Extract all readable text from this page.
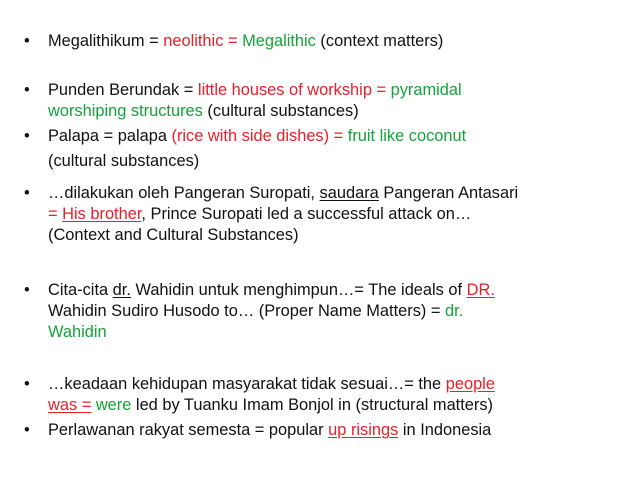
• Megalithikum = neolithic = Megalithic (context matters)
• Punden Berundak = little houses of workship = pyramidal
worshiping structures (cultural substances)
• Palapa = palapa (rice with side dishes) = fruit like coconut
(cultural substances)
• …dilakukan oleh Pangeran Suropati, saudara Pangeran Antasari
= His brother, Prince Suropati led a successful attack on…
(Context and Cultural Substances)
• Cita-cita dr. Wahidin untuk menghimpun…= The ideals of DR.
Wahidin Sudiro Husodo to… (Proper Name Matters) = dr.
Wahidin
• …keadaan kehidupan masyarakat tidak sesuai…= the people
was = were led by Tuanku Imam Bonjol in (structural matters)
• Perlawanan rakyat semesta = popular up risings in Indonesia
